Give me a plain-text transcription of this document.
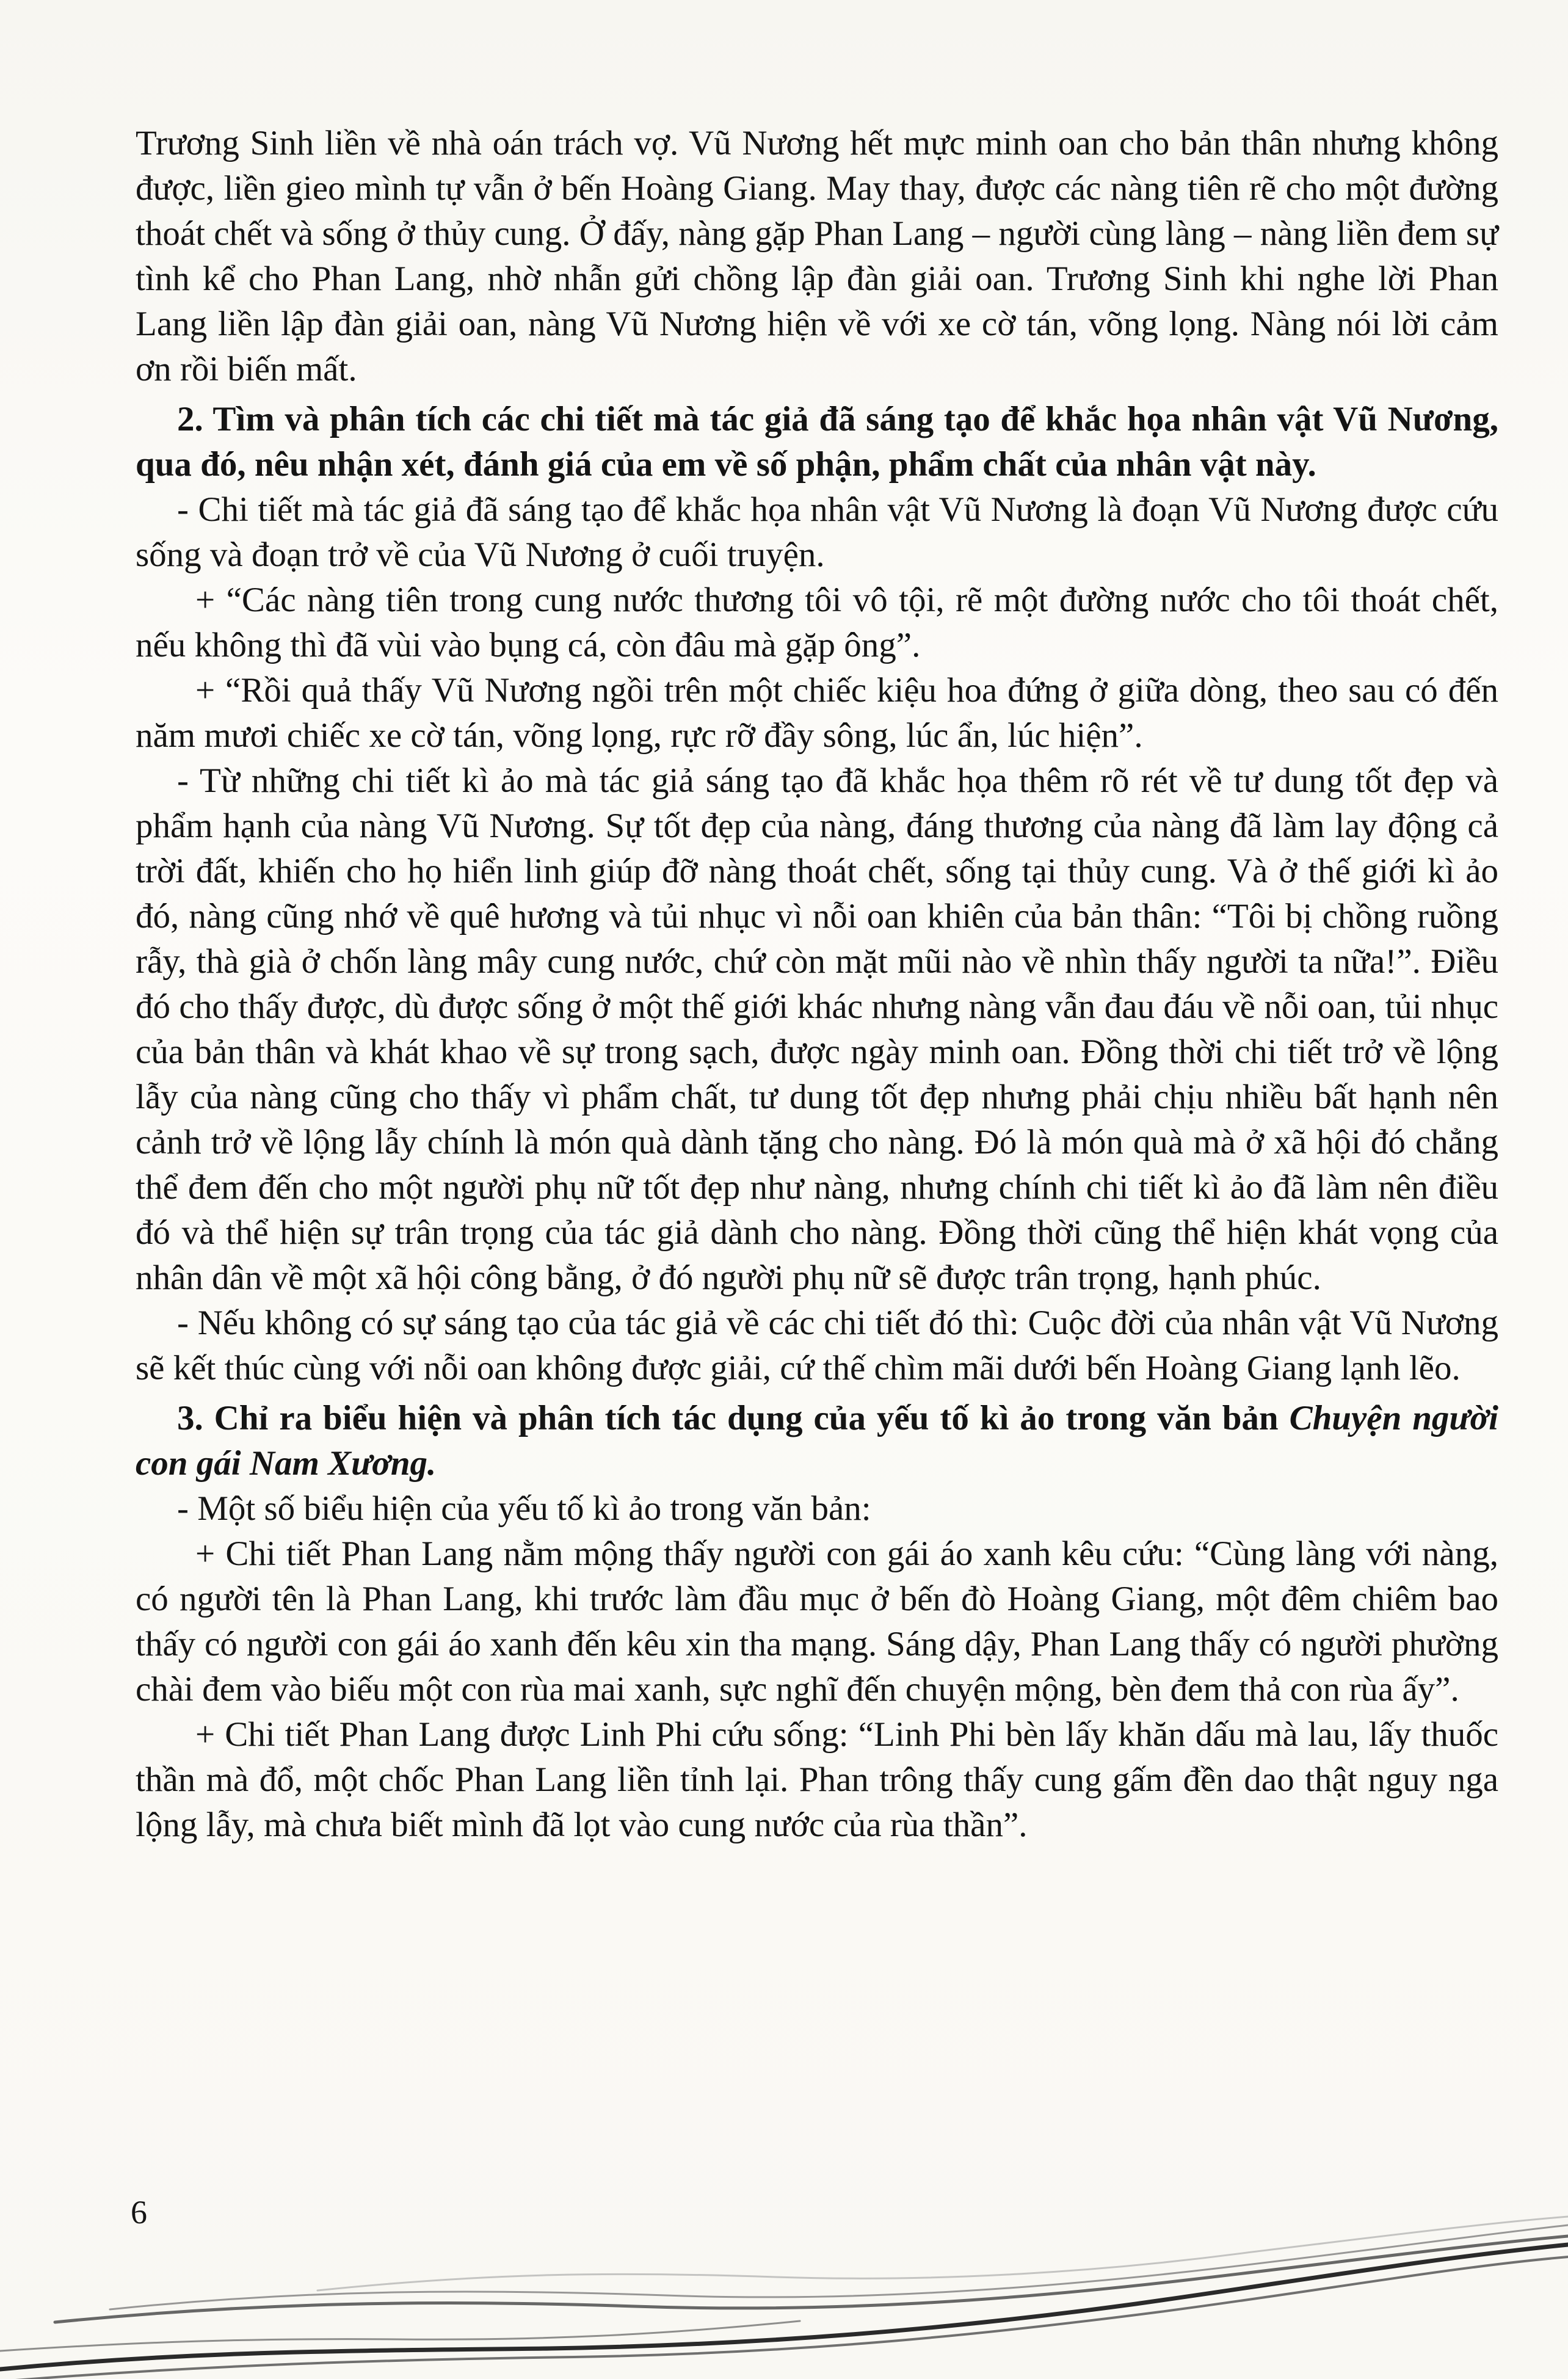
Trương Sinh liền về nhà oán trách vợ. Vũ Nương hết mực minh oan cho bản thân nhưng không được, liền gieo mình tự vẫn ở bến Hoàng Giang. May thay, được các nàng tiên rẽ cho một đường thoát chết và sống ở thủy cung. Ở đấy, nàng gặp Phan Lang – người cùng làng – nàng liền đem sự tình kể cho Phan Lang, nhờ nhẫn gửi chồng lập đàn giải oan. Trương Sinh khi nghe lời Phan Lang liền lập đàn giải oan, nàng Vũ Nương hiện về với xe cờ tán, võng lọng. Nàng nói lời cảm ơn rồi biến mất.

2. Tìm và phân tích các chi tiết mà tác giả đã sáng tạo để khắc họa nhân vật Vũ Nương, qua đó, nêu nhận xét, đánh giá của em về số phận, phẩm chất của nhân vật này.

- Chi tiết mà tác giả đã sáng tạo để khắc họa nhân vật Vũ Nương là đoạn Vũ Nương được cứu sống và đoạn trở về của Vũ Nương ở cuối truyện.

+ “Các nàng tiên trong cung nước thương tôi vô tội, rẽ một đường nước cho tôi thoát chết, nếu không thì đã vùi vào bụng cá, còn đâu mà gặp ông”.

+ “Rồi quả thấy Vũ Nương ngồi trên một chiếc kiệu hoa đứng ở giữa dòng, theo sau có đến năm mươi chiếc xe cờ tán, võng lọng, rực rỡ đầy sông, lúc ẩn, lúc hiện”.

- Từ những chi tiết kì ảo mà tác giả sáng tạo đã khắc họa thêm rõ rét về tư dung tốt đẹp và phẩm hạnh của nàng Vũ Nương. Sự tốt đẹp của nàng, đáng thương của nàng đã làm lay động cả trời đất, khiến cho họ hiển linh giúp đỡ nàng thoát chết, sống tại thủy cung. Và ở thế giới kì ảo đó, nàng cũng nhớ về quê hương và tủi nhục vì nỗi oan khiên của bản thân: “Tôi bị chồng ruồng rẫy, thà già ở chốn làng mây cung nước, chứ còn mặt mũi nào về nhìn thấy người ta nữa!”. Điều đó cho thấy được, dù được sống ở một thế giới khác nhưng nàng vẫn đau đáu về nỗi oan, tủi nhục của bản thân và khát khao về sự trong sạch, được ngày minh oan. Đồng thời chi tiết trở về lộng lẫy của nàng cũng cho thấy vì phẩm chất, tư dung tốt đẹp nhưng phải chịu nhiều bất hạnh nên cảnh trở về lộng lẫy chính là món quà dành tặng cho nàng. Đó là món quà mà ở xã hội đó chẳng thể đem đến cho một người phụ nữ tốt đẹp như nàng, nhưng chính chi tiết kì ảo đã làm nên điều đó và thể hiện sự trân trọng của tác giả dành cho nàng. Đồng thời cũng thể hiện khát vọng của nhân dân về một xã hội công bằng, ở đó người phụ nữ sẽ được trân trọng, hạnh phúc.

- Nếu không có sự sáng tạo của tác giả về các chi tiết đó thì: Cuộc đời của nhân vật Vũ Nương sẽ kết thúc cùng với nỗi oan không được giải, cứ thế chìm mãi dưới bến Hoàng Giang lạnh lẽo.

3. Chỉ ra biểu hiện và phân tích tác dụng của yếu tố kì ảo trong văn bản Chuyện người con gái Nam Xương.

- Một số biểu hiện của yếu tố kì ảo trong văn bản:

+ Chi tiết Phan Lang nằm mộng thấy người con gái áo xanh kêu cứu: “Cùng làng với nàng, có người tên là Phan Lang, khi trước làm đầu mục ở bến đò Hoàng Giang, một đêm chiêm bao thấy có người con gái áo xanh đến kêu xin tha mạng. Sáng dậy, Phan Lang thấy có người phường chài đem vào biếu một con rùa mai xanh, sực nghĩ đến chuyện mộng, bèn đem thả con rùa ấy”.

+ Chi tiết Phan Lang được Linh Phi cứu sống: “Linh Phi bèn lấy khăn dấu mà lau, lấy thuốc thần mà đổ, một chốc Phan Lang liền tỉnh lại. Phan trông thấy cung gấm đền dao thật nguy nga lộng lẫy, mà chưa biết mình đã lọt vào cung nước của rùa thần”.

6
